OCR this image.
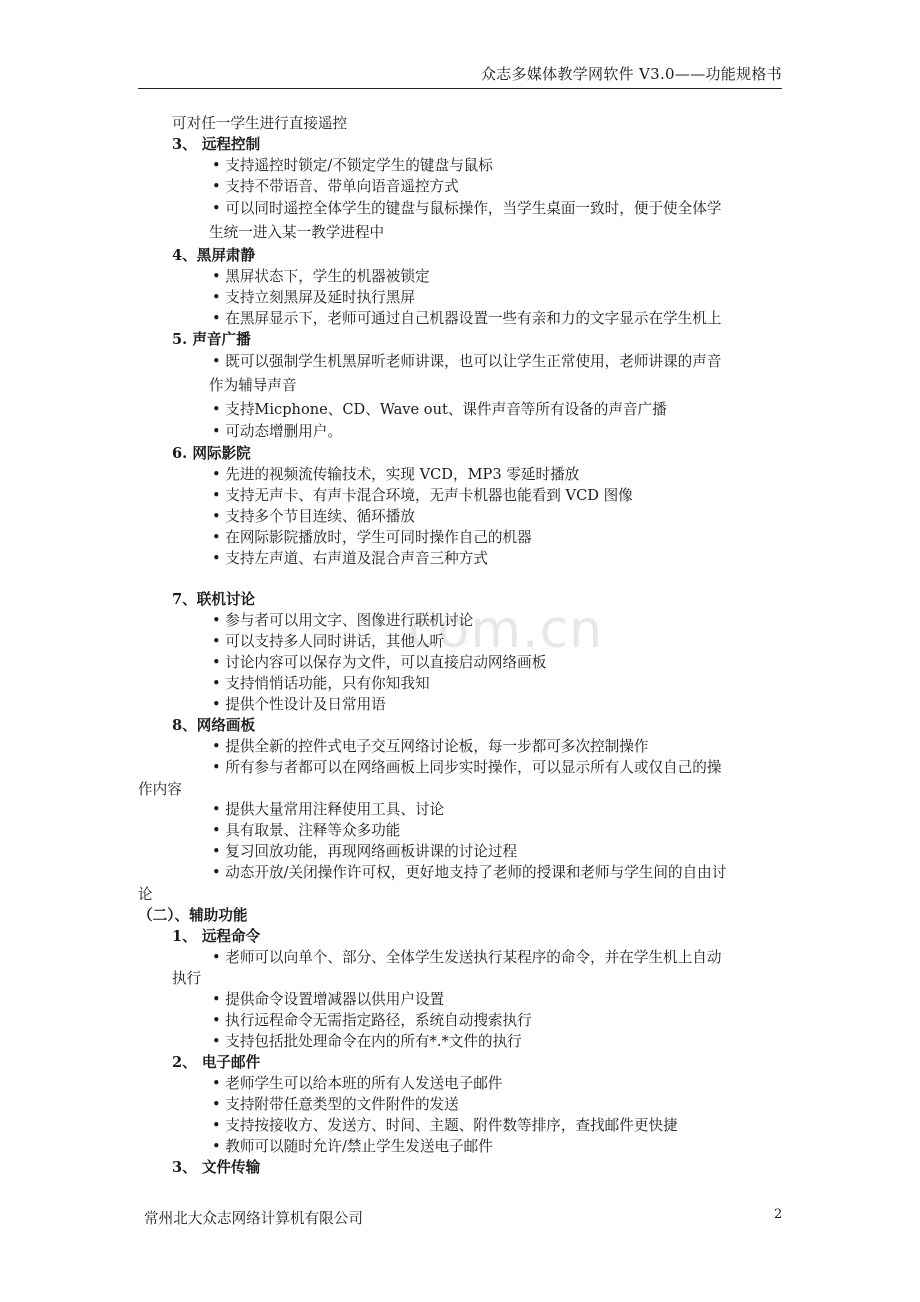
众志多媒体教学网软件 V3.0——功能规格书
com.cn
可对任一学生进行直接遥控
3、 远程控制
• 支持遥控时锁定/不锁定学生的键盘与鼠标
• 支持不带语音、带单向语音遥控方式
• 可以同时遥控全体学生的键盘与鼠标操作，当学生桌面一致时，便于使全体学
生统一进入某一教学进程中
4、黑屏肃静
• 黑屏状态下，学生的机器被锁定
• 支持立刻黑屏及延时执行黑屏
• 在黑屏显示下，老师可通过自己机器设置一些有亲和力的文字显示在学生机上
5. 声音广播
• 既可以强制学生机黑屏听老师讲课，也可以让学生正常使用，老师讲课的声音
作为辅导声音
• 支持Micphone、CD、Wave out、课件声音等所有设备的声音广播
• 可动态增删用户。
6. 网际影院
• 先进的视频流传输技术，实现 VCD，MP3 零延时播放
• 支持无声卡、有声卡混合环境，无声卡机器也能看到 VCD 图像
• 支持多个节目连续、循环播放
• 在网际影院播放时，学生可同时操作自己的机器
• 支持左声道、右声道及混合声音三种方式
7、联机讨论
• 参与者可以用文字、图像进行联机讨论
• 可以支持多人同时讲话，其他人听
• 讨论内容可以保存为文件，可以直接启动网络画板
• 支持悄悄话功能，只有你知我知
• 提供个性设计及日常用语
8、网络画板
• 提供全新的控件式电子交互网络讨论板，每一步都可多次控制操作
• 所有参与者都可以在网络画板上同步实时操作，可以显示所有人或仅自己的操
作内容
• 提供大量常用注释使用工具、讨论
• 具有取景、注释等众多功能
• 复习回放功能，再现网络画板讲课的讨论过程
• 动态开放/关闭操作许可权，更好地支持了老师的授课和老师与学生间的自由讨
论
（二）、辅助功能
1、 远程命令
• 老师可以向单个、部分、全体学生发送执行某程序的命令，并在学生机上自动
执行
• 提供命令设置增减器以供用户设置
• 执行远程命令无需指定路径，系统自动搜索执行
• 支持包括批处理命令在内的所有*.*文件的执行
2、 电子邮件
• 老师学生可以给本班的所有人发送电子邮件
• 支持附带任意类型的文件附件的发送
• 支持按接收方、发送方、时间、主题、附件数等排序，查找邮件更快捷
• 教师可以随时允许/禁止学生发送电子邮件
3、 文件传输
常州北大众志网络计算机有限公司	2
